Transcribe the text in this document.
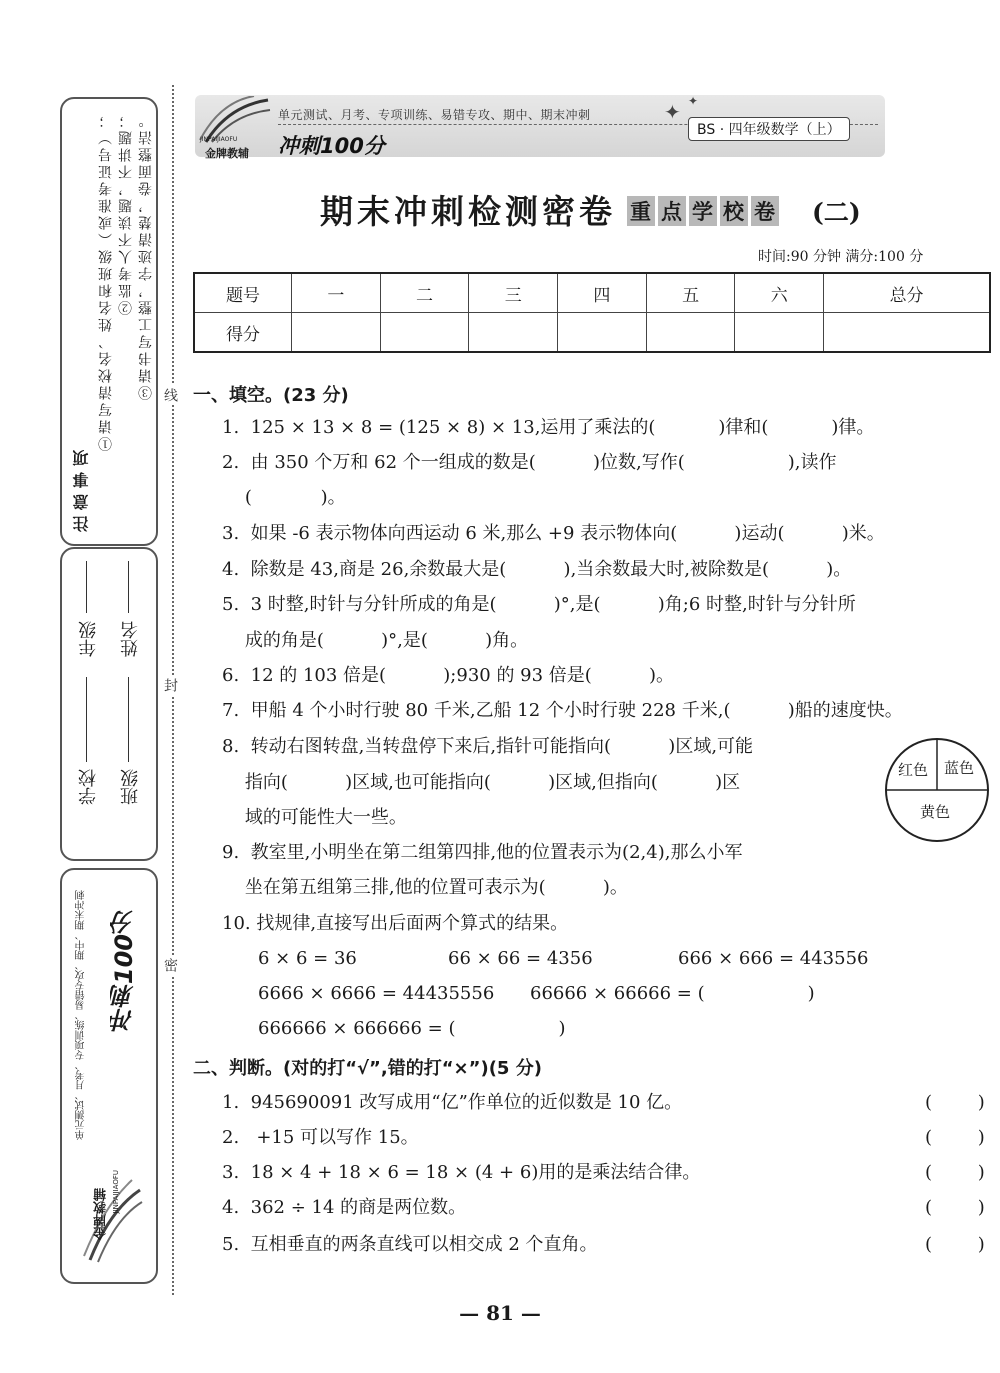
注意事项
①请写清校名、姓名和班级（或准考证号）； ②监考人不读题，不讲题； ③请书写工整，字迹清楚，卷面整洁。
学校
年级
班级
姓名
单元测试、月考、专项训练、易错专攻、期中、期末冲刺 冲刺100分
金牌教辅 JINPAIJIAOFU
线
封
密
JINPAIJIAOFU
金牌教辅
单元测试、月考、专项训练、易错专攻、期中、期末冲刺
冲刺100分
✦ ✦
BS · 四年级数学（上）
期末冲刺检测密卷 重 点 学 校 卷 (二)
时间:90 分钟 满分:100 分
题号	一	二	三	四	五	六	总分
得分							
一、填空。(23 分)
1.  125 × 13 × 8 = (125 × 8) × 13,运用了乘法的(           )律和(           )律。
2.  由 350 个万和 62 个一组成的数是(          )位数,写作(                  ),读作
(            )。
3.  如果 -6 表示物体向西运动 6 米,那么 +9 表示物体向(          )运动(          )米。
4.  除数是 43,商是 26,余数最大是(          ),当余数最大时,被除数是(          )。
5.  3 时整,时针与分针所成的角是(          )°,是(          )角;6 时整,时针与分针所
成的角是(          )°,是(          )角。
6.  12 的 103 倍是(          );930 的 93 倍是(          )。
7.  甲船 4 个小时行驶 80 千米,乙船 12 个小时行驶 228 千米,(          )船的速度快。
8.  转动右图转盘,当转盘停下来后,指针可能指向(          )区域,可能
指向(          )区域,也可能指向(          )区域,但指向(          )区
域的可能性大一些。
9.  教室里,小明坐在第二组第四排,他的位置表示为(2,4),那么小军
坐在第五组第三排,他的位置可表示为(          )。
10. 找规律,直接写出后面两个算式的结果。
6 × 6 = 36	66 × 66 = 4356	666 × 666 = 443556
6666 × 6666 = 44435556 66666 × 66666 = (                  )
666666 × 666666 = (                  )
红色 蓝色
黄色
二、判断。(对的打“√”,错的打“×”)(5 分)
1.  945690091 改写成用“亿”作单位的近似数是 10 亿。	(        )
2.   +15 可以写作 15。	(        )
3.  18 × 4 + 18 × 6 = 18 × (4 + 6)用的是乘法结合律。	(        )
4.  362 ÷ 14 的商是两位数。	(        )
5.  互相垂直的两条直线可以相交成 2 个直角。	(        )
— 81 —
